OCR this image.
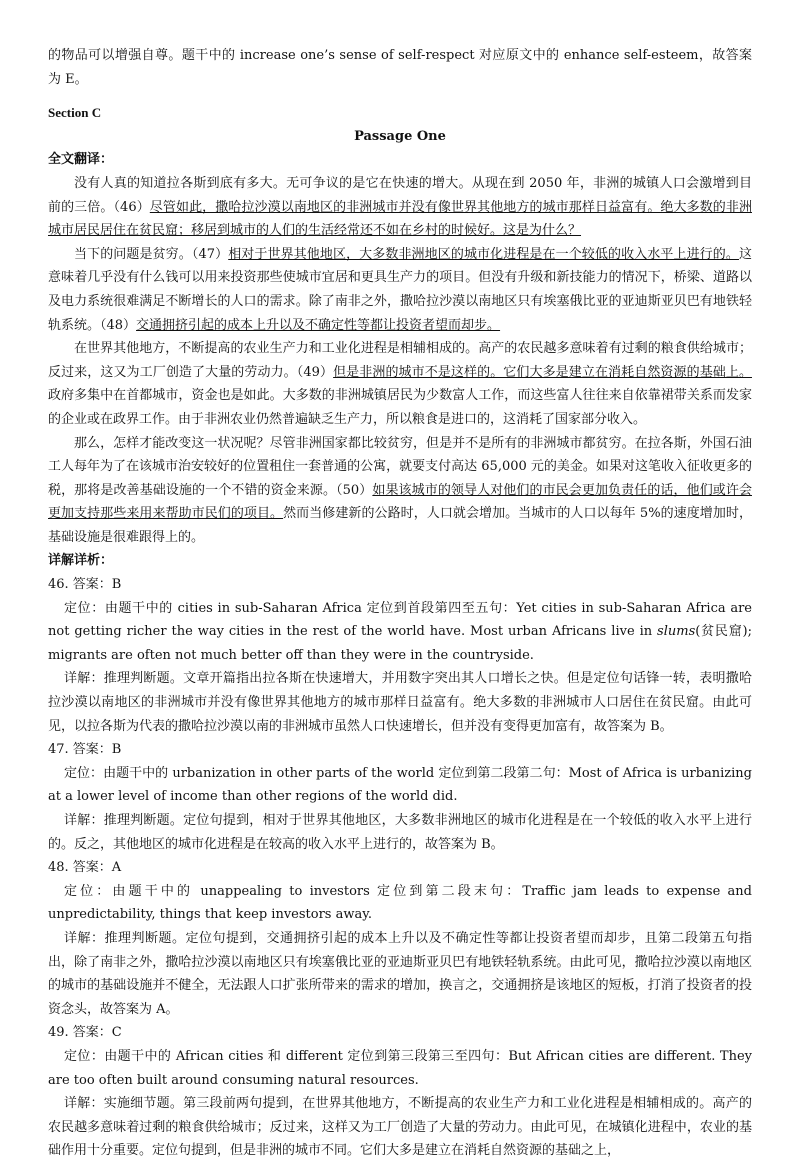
的物品可以增强自尊。题干中的 increase one’s sense of self-respect 对应原文中的 enhance self-esteem，故答案为 E。

Section C

Passage One

全文翻译：

没有人真的知道拉各斯到底有多大。无可争议的是它在快速的增大。从现在到 2050 年，非洲的城镇人口会激增到目前的三倍。（46）尽管如此，撒哈拉沙漠以南地区的非洲城市并没有像世界其他地方的城市那样日益富有。绝大多数的非洲城市居民居住在贫民窟；移居到城市的人们的生活经常还不如在乡村的时候好。这是为什么？

当下的问题是贫穷。（47）相对于世界其他地区，大多数非洲地区的城市化进程是在一个较低的收入水平上进行的。这意味着几乎没有什么钱可以用来投资那些使城市宜居和更具生产力的项目。但没有升级和新技能力的情况下，桥梁、道路以及电力系统很难满足不断增长的人口的需求。除了南非之外，撒哈拉沙漠以南地区只有埃塞俄比亚的亚迪斯亚贝巴有地铁轻轨系统。（48）交通拥挤引起的成本上升以及不确定性等都让投资者望而却步。

在世界其他地方，不断提高的农业生产力和工业化进程是相辅相成的。高产的农民越多意味着有过剩的粮食供给城市；反过来，这又为工厂创造了大量的劳动力。（49）但是非洲的城市不是这样的。它们大多是建立在消耗自然资源的基础上。政府多集中在首都城市，资金也是如此。大多数的非洲城镇居民为少数富人工作，而这些富人往往来自依靠裙带关系而发家的企业或在政界工作。由于非洲农业仍然普遍缺乏生产力，所以粮食是进口的，这消耗了国家部分收入。

那么，怎样才能改变这一状况呢？尽管非洲国家都比较贫穷，但是并不是所有的非洲城市都贫穷。在拉各斯，外国石油工人每年为了在该城市治安较好的位置租住一套普通的公寓，就要支付高达 65,000 元的美金。如果对这笔收入征收更多的税，那将是改善基础设施的一个不错的资金来源。（50）如果该城市的领导人对他们的市民会更加负责任的话，他们或许会更加支持那些来用来帮助市民们的项目。然而当修建新的公路时，人口就会增加。当城市的人口以每年 5%的速度增加时，基础设施是很难跟得上的。

详解详析：

46. 答案：B

定位：由题干中的 cities in sub-Saharan Africa 定位到首段第四至五句：Yet cities in sub-Saharan Africa are not getting richer the way cities in the rest of the world have. Most urban Africans live in slums(贫民窟); migrants are often not much better off than they were in the countryside.

详解：推理判断题。文章开篇指出拉各斯在快速增大，并用数字突出其人口增长之快。但是定位句话锋一转，表明撒哈拉沙漠以南地区的非洲城市并没有像世界其他地方的城市那样日益富有。绝大多数的非洲城市人口居住在贫民窟。由此可见，以拉各斯为代表的撒哈拉沙漠以南的非洲城市虽然人口快速增长，但并没有变得更加富有，故答案为 B。

47. 答案：B

定位：由题干中的 urbanization in other parts of the world 定位到第二段第二句：Most of Africa is urbanizing at a lower level of income than other regions of the world did.

详解：推理判断题。定位句提到，相对于世界其他地区，大多数非洲地区的城市化进程是在一个较低的收入水平上进行的。反之，其他地区的城市化进程是在较高的收入水平上进行的，故答案为 B。

48. 答案：A

定位：由题干中的 unappealing to investors 定位到第二段末句：Traffic jam leads to expense and unpredictability, things that keep investors away.

详解：推理判断题。定位句提到，交通拥挤引起的成本上升以及不确定性等都让投资者望而却步，且第二段第五句指出，除了南非之外，撒哈拉沙漠以南地区只有埃塞俄比亚的亚迪斯亚贝巴有地铁轻轨系统。由此可见，撒哈拉沙漠以南地区的城市的基础设施并不健全，无法跟人口扩张所带来的需求的增加，换言之，交通拥挤是该地区的短板，打消了投资者的投资念头，故答案为 A。

49. 答案：C

定位：由题干中的 African cities 和 different 定位到第三段第三至四句：But African cities are different. They are too often built around consuming natural resources.

详解：实施细节题。第三段前两句提到，在世界其他地方，不断提高的农业生产力和工业化进程是相辅相成的。高产的农民越多意味着过剩的粮食供给城市；反过来，这样又为工厂创造了大量的劳动力。由此可见，在城镇化进程中，农业的基础作用十分重要。定位句提到，但是非洲的城市不同。它们大多是建立在消耗自然资源的基础之上，
